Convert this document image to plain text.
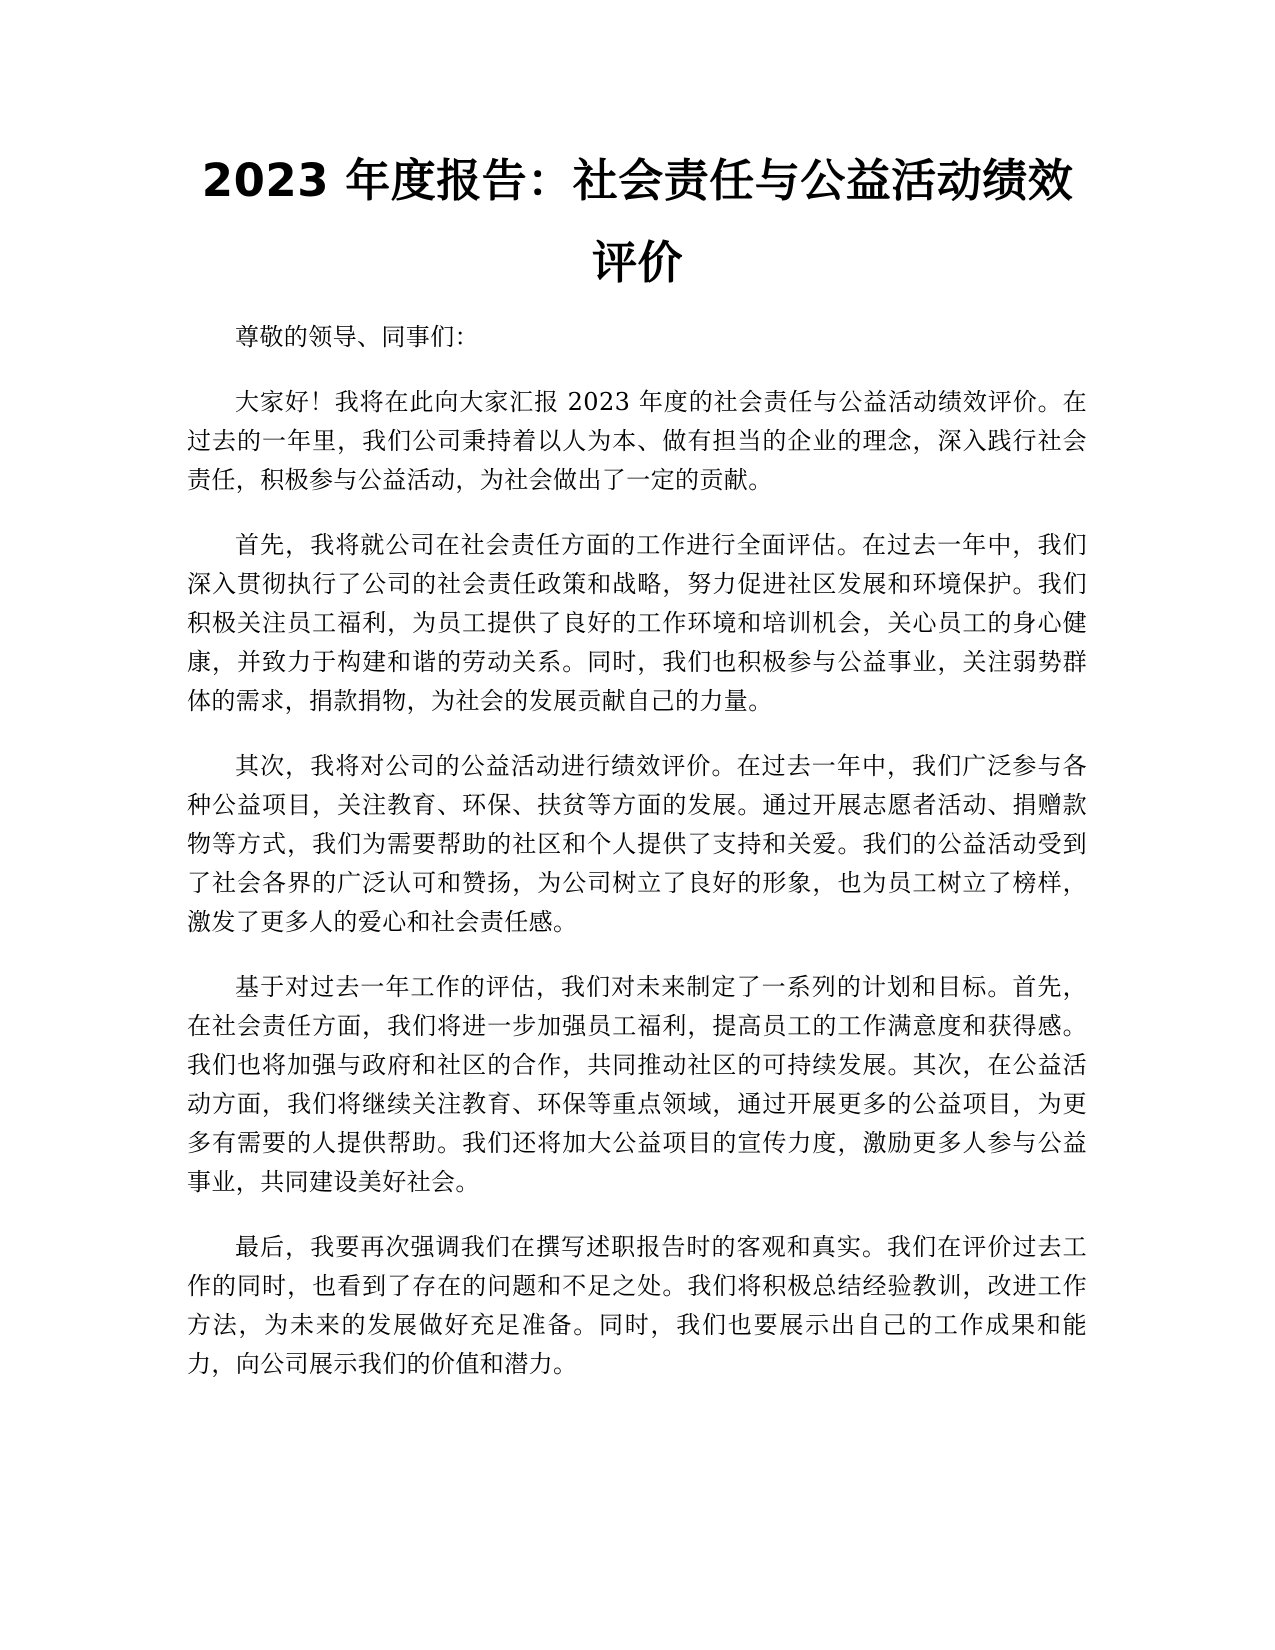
2023 年度报告：社会责任与公益活动绩效评价

尊敬的领导、同事们：

大家好！我将在此向大家汇报 2023 年度的社会责任与公益活动绩效评价。在过去的一年里，我们公司秉持着以人为本、做有担当的企业的理念，深入践行社会责任，积极参与公益活动，为社会做出了一定的贡献。

首先，我将就公司在社会责任方面的工作进行全面评估。在过去一年中，我们深入贯彻执行了公司的社会责任政策和战略，努力促进社区发展和环境保护。我们积极关注员工福利，为员工提供了良好的工作环境和培训机会，关心员工的身心健康，并致力于构建和谐的劳动关系。同时，我们也积极参与公益事业，关注弱势群体的需求，捐款捐物，为社会的发展贡献自己的力量。

其次，我将对公司的公益活动进行绩效评价。在过去一年中，我们广泛参与各种公益项目，关注教育、环保、扶贫等方面的发展。通过开展志愿者活动、捐赠款物等方式，我们为需要帮助的社区和个人提供了支持和关爱。我们的公益活动受到了社会各界的广泛认可和赞扬，为公司树立了良好的形象，也为员工树立了榜样，激发了更多人的爱心和社会责任感。

基于对过去一年工作的评估，我们对未来制定了一系列的计划和目标。首先，在社会责任方面，我们将进一步加强员工福利，提高员工的工作满意度和获得感。我们也将加强与政府和社区的合作，共同推动社区的可持续发展。其次，在公益活动方面，我们将继续关注教育、环保等重点领域，通过开展更多的公益项目，为更多有需要的人提供帮助。我们还将加大公益项目的宣传力度，激励更多人参与公益事业，共同建设美好社会。

最后，我要再次强调我们在撰写述职报告时的客观和真实。我们在评价过去工作的同时，也看到了存在的问题和不足之处。我们将积极总结经验教训，改进工作方法，为未来的发展做好充足准备。同时，我们也要展示出自己的工作成果和能力，向公司展示我们的价值和潜力。
